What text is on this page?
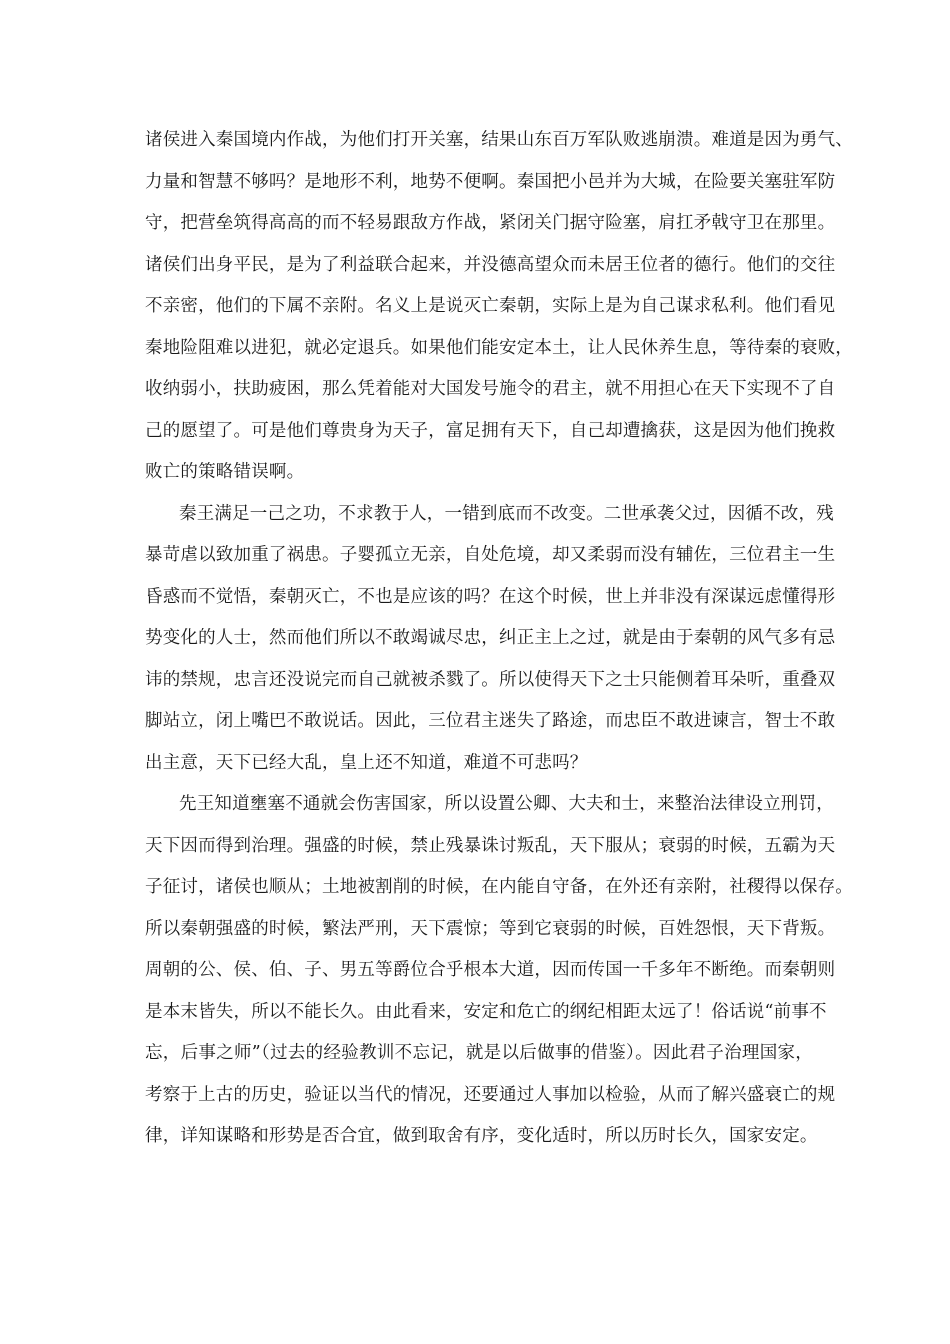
诸侯进入秦国境内作战，为他们打开关塞，结果山东百万军队败逃崩溃。难道是因为勇气、
力量和智慧不够吗？是地形不利，地势不便啊。秦国把小邑并为大城，在险要关塞驻军防
守，把营垒筑得高高的而不轻易跟敌方作战，紧闭关门据守险塞，肩扛矛戟守卫在那里。
诸侯们出身平民，是为了利益联合起来，并没德高望众而未居王位者的德行。他们的交往
不亲密，他们的下属不亲附。名义上是说灭亡秦朝，实际上是为自己谋求私利。他们看见
秦地险阻难以进犯，就必定退兵。如果他们能安定本土，让人民休养生息，等待秦的衰败，
收纳弱小，扶助疲困，那么凭着能对大国发号施令的君主，就不用担心在天下实现不了自
己的愿望了。可是他们尊贵身为天子，富足拥有天下，自己却遭擒获，这是因为他们挽救
败亡的策略错误啊。
秦王满足一己之功，不求教于人，一错到底而不改变。二世承袭父过，因循不改，残
暴苛虐以致加重了祸患。子婴孤立无亲，自处危境，却又柔弱而没有辅佐，三位君主一生
昏惑而不觉悟，秦朝灭亡，不也是应该的吗？在这个时候，世上并非没有深谋远虑懂得形
势变化的人士，然而他们所以不敢竭诚尽忠，纠正主上之过，就是由于秦朝的风气多有忌
讳的禁规，忠言还没说完而自己就被杀戮了。所以使得天下之士只能侧着耳朵听，重叠双
脚站立，闭上嘴巴不敢说话。因此，三位君主迷失了路途，而忠臣不敢进谏言，智士不敢
出主意，天下已经大乱，皇上还不知道，难道不可悲吗？
先王知道壅塞不通就会伤害国家，所以设置公卿、大夫和士，来整治法律设立刑罚，
天下因而得到治理。强盛的时候，禁止残暴诛讨叛乱，天下服从；衰弱的时候，五霸为天
子征讨，诸侯也顺从；土地被割削的时候，在内能自守备，在外还有亲附，社稷得以保存。
所以秦朝强盛的时候，繁法严刑，天下震惊；等到它衰弱的时候，百姓怨恨，天下背叛。
周朝的公、侯、伯、子、男五等爵位合乎根本大道，因而传国一千多年不断绝。而秦朝则
是本末皆失，所以不能长久。由此看来，安定和危亡的纲纪相距太远了！俗话说“前事不
忘，后事之师”（过去的经验教训不忘记，就是以后做事的借鉴）。因此君子治理国家，
考察于上古的历史，验证以当代的情况，还要通过人事加以检验，从而了解兴盛衰亡的规
律，详知谋略和形势是否合宜，做到取舍有序，变化适时，所以历时长久，国家安定。
